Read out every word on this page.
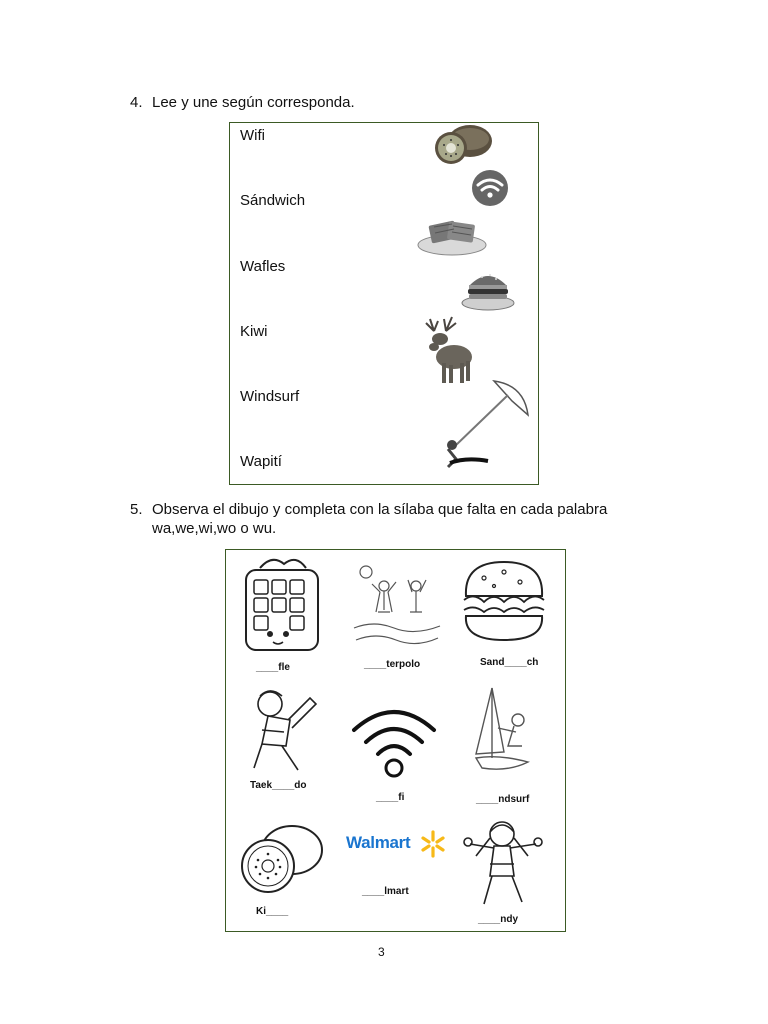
4. Lee y une según corresponda.
Wifi
Sándwich
Wafles
Kiwi
Windsurf
Wapití
5. Observa el dibujo y completa con la sílaba que falta en cada palabra
wa,we,wi,wo o wu.
____fle	____terpolo	Sand____ch
Taek____do
____fi	____ndsurf
Ki____
Walmart
____lmart
____ndy
3
